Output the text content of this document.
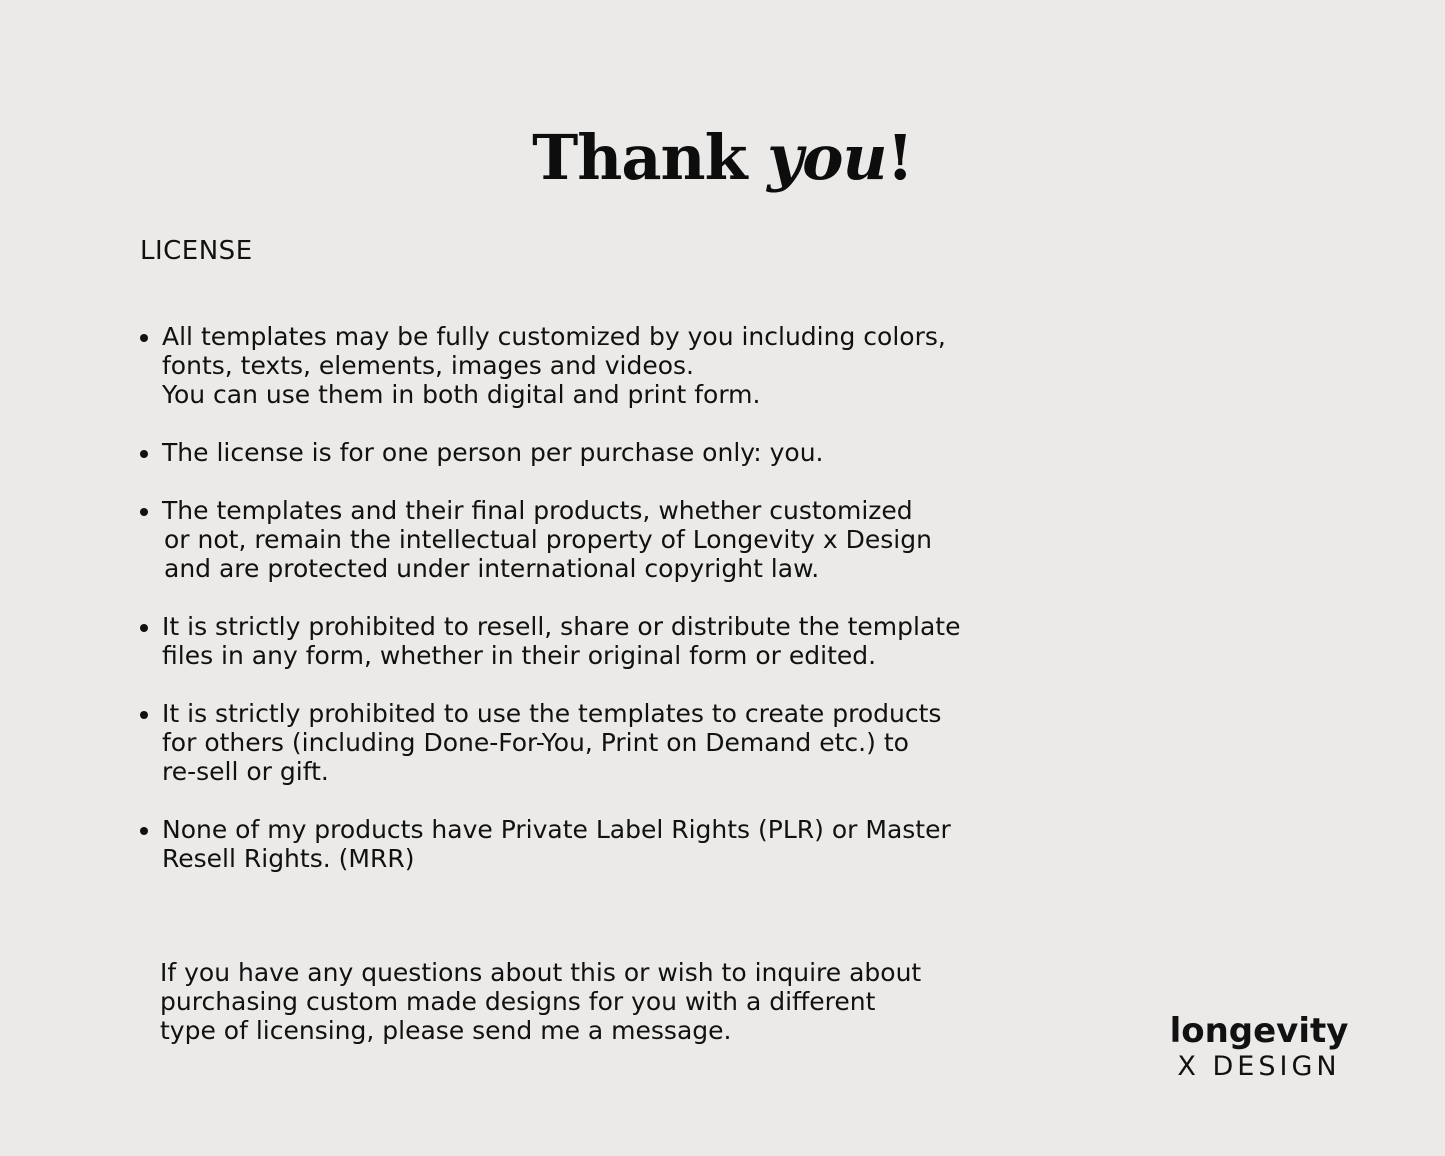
Thank you!
LICENSE
All templates may be fully customized by you including colors,
fonts, texts, elements, images and videos.
You can use them in both digital and print form.
The license is for one person per purchase only: you.
The templates and their final products, whether customized
or not, remain the intellectual property of Longevity x Design
and are protected under international copyright law.
It is strictly prohibited to resell, share or distribute the template
files in any form, whether in their original form or edited.
It is strictly prohibited to use the templates to create products
for others (including Done-For-You, Print on Demand etc.) to
re-sell or gift.
None of my products have Private Label Rights (PLR) or Master
Resell Rights. (MRR)
If you have any questions about this or wish to inquire about
purchasing custom made designs for you with a different
type of licensing, please send me a message.	longevity
X DESIGN
